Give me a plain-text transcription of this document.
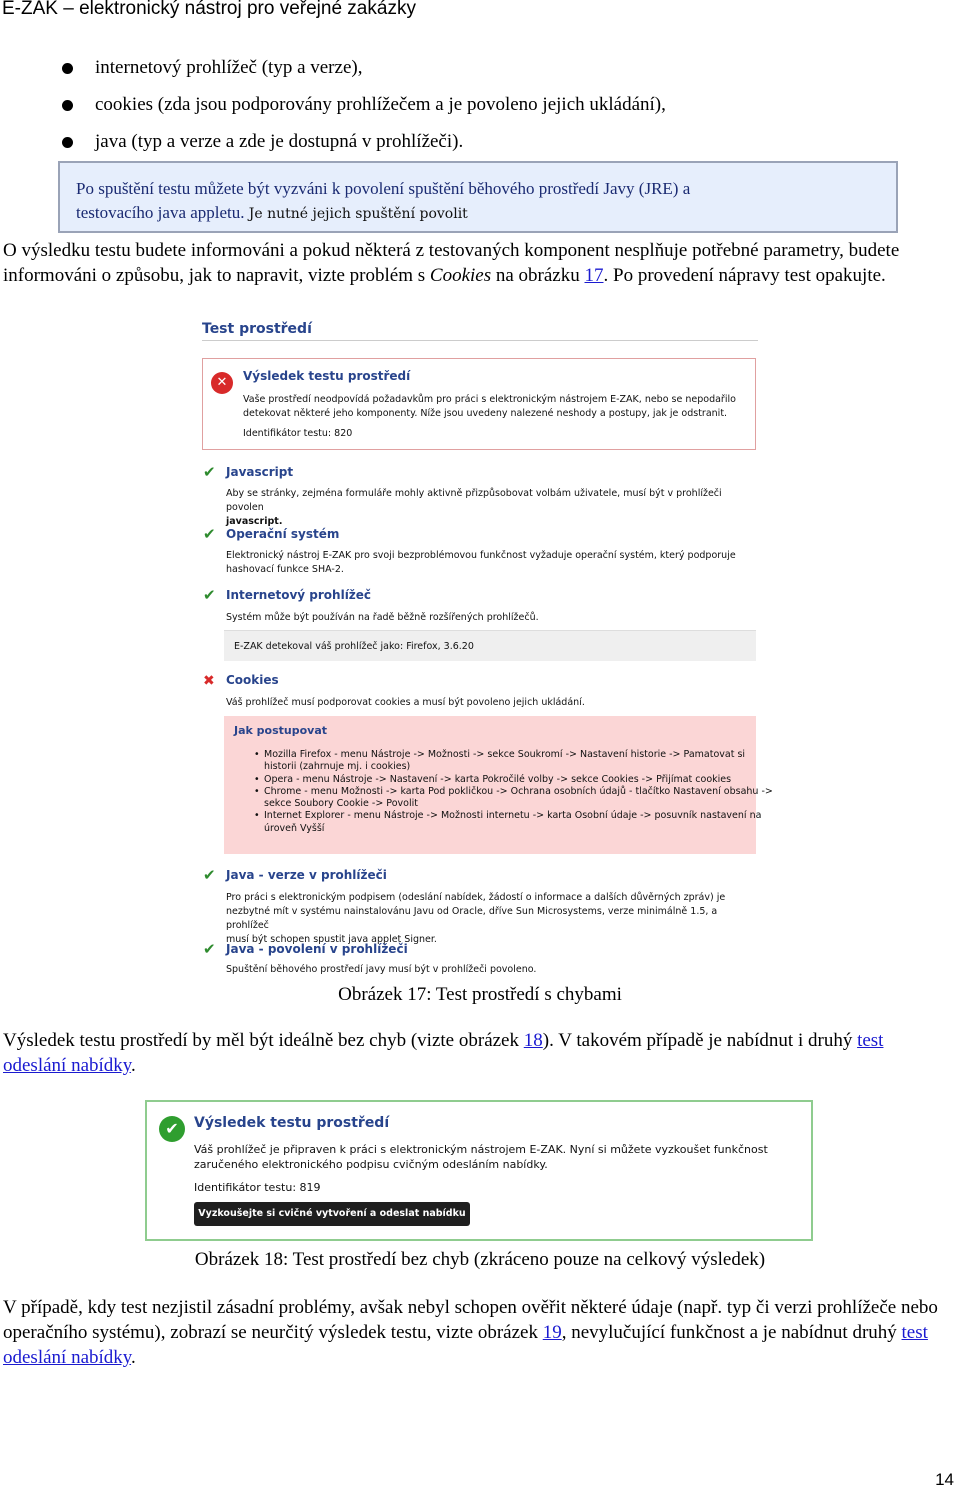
E-ZAK – elektronický nástroj pro veřejné zakázky
internetový prohlížeč (typ a verze),
cookies (zda jsou podporovány prohlížečem a je povoleno jejich ukládání),
java (typ a verze a zde je dostupná v prohlížeči).
Po spuštění testu můžete být vyzváni k povolení spuštění běhového prostředí Javy (JRE) a
testovacího java appletu. Je nutné jejich spuštění povolit
O výsledku testu budete informováni a pokud některá z testovaných komponent nesplňuje potřebné parametry, budete informováni o způsobu, jak to napravit, vizte problém s Cookies na obrázku 17. Po provedení nápravy test opakujte.
Test prostředí
✕	Výsledek testu prostředí
Vaše prostředí neodpovídá požadavkům pro práci s elektronickým nástrojem E-ZAK, nebo se nepodařilo
detekovat některé jeho komponenty. Níže jsou uvedeny nalezené neshody a postupy, jak je odstranit.
Identifikátor testu: 820
✔ Javascript
Aby se stránky, zejména formuláře mohly aktivně přizpůsobovat volbám uživatele, musí být v prohlížeči povolen
javascript.
✔ Operační systém
Elektronický nástroj E-ZAK pro svoji bezproblémovou funkčnost vyžaduje operační systém, který podporuje
hashovací funkce SHA-2.
✔ Internetový prohlížeč
Systém může být používán na řadě běžně rozšířených prohlížečů.
E-ZAK detekoval váš prohlížeč jako: Firefox, 3.6.20
✖ Cookies
Váš prohlížeč musí podporovat cookies a musí být povoleno jejich ukládání.
Jak postupovat
• Mozilla Firefox - menu Nástroje -> Možnosti -> sekce Soukromí -> Nastavení historie -> Pamatovat si
historii (zahrnuje mj. i cookies)
• Opera - menu Nástroje -> Nastavení -> karta Pokročilé volby -> sekce Cookies -> Přijímat cookies
• Chrome - menu Možnosti -> karta Pod pokličkou -> Ochrana osobních údajů - tlačítko Nastavení obsahu ->
sekce Soubory Cookie -> Povolit
• Internet Explorer - menu Nástroje -> Možnosti internetu -> karta Osobní údaje -> posuvník nastavení na
úroveň Vyšší
✔ Java - verze v prohlížeči
Pro práci s elektronickým podpisem (odeslání nabídek, žádostí o informace a dalších důvěrných zpráv) je
nezbytné mít v systému nainstalovánu Javu od Oracle, dříve Sun Microsystems, verze minimálně 1.5, a prohlížeč
musí být schopen spustit java applet Signer.
✔ Java - povolení v prohlížeči
Spuštění běhového prostředí javy musí být v prohlížeči povoleno.
Obrázek 17: Test prostředí s chybami
Výsledek testu prostředí by měl být ideálně bez chyb (vizte obrázek 18). V takovém případě je nabídnut i druhý test odeslání nabídky.
✔	Výsledek testu prostředí
Váš prohlížeč je připraven k práci s elektronickým nástrojem E-ZAK. Nyní si můžete vyzkoušet funkčnost
zaručeného elektronického podpisu cvičným odesláním nabídky.
Identifikátor testu: 819
Vyzkoušejte si cvičné vytvoření a odeslat nabídku
Obrázek 18: Test prostředí bez chyb (zkráceno pouze na celkový výsledek)
V případě, kdy test nezjistil zásadní problémy, avšak nebyl schopen ověřit některé údaje (např. typ či verzi prohlížeče nebo operačního systému), zobrazí se neurčitý výsledek testu, vizte obrázek 19, nevylučující funkčnost a je nabídnut druhý test odeslání nabídky.
14
